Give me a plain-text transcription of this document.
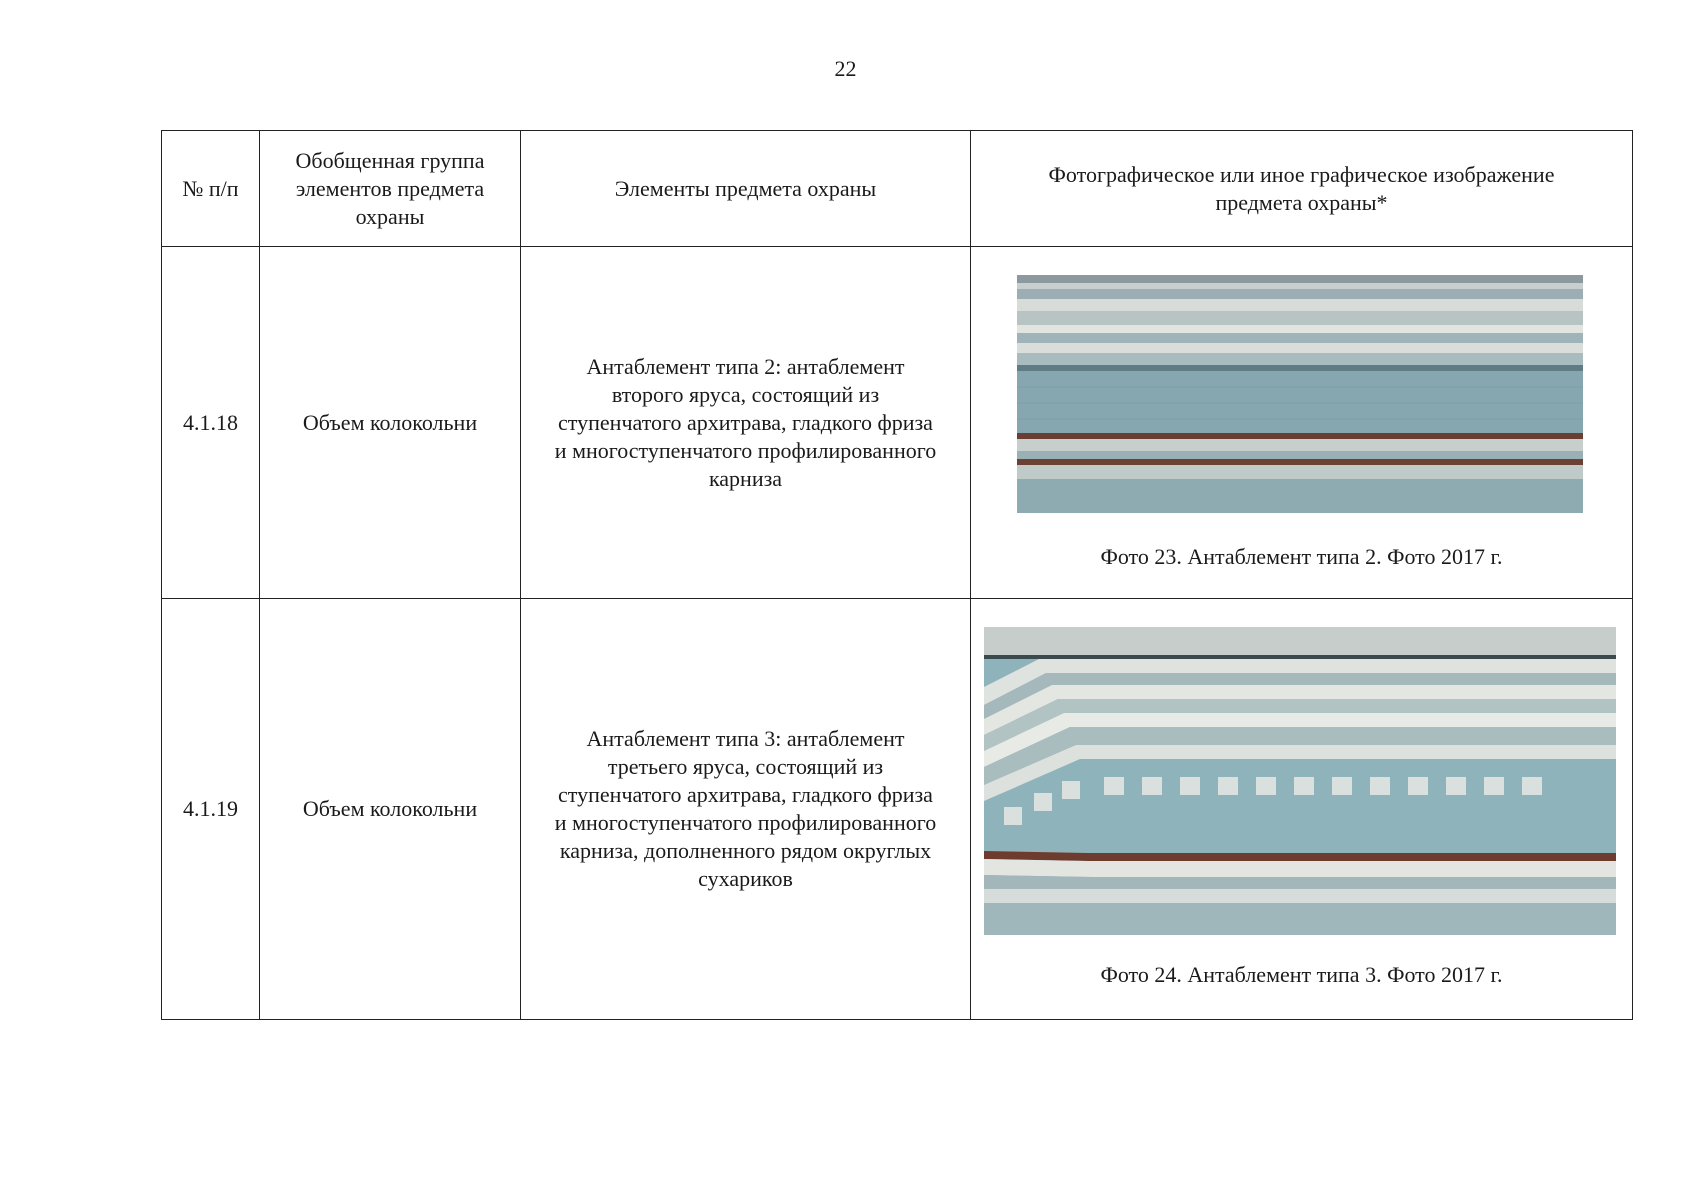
22
№ п/п	Обобщенная группа элементов предмета охраны	Элементы предмета охраны	Фотографическое или иное графическое изображение предмета охраны*
4.1.18	Объем колокольни	Антаблемент типа 2: антаблемент второго яруса, состоящий из ступенчатого архитрава, гладкого фриза и многоступенчатого профилированного карниза	Фото 23. Антаблемент типа 2. Фото 2017 г.

4.1.19	Объем колокольни	Антаблемент типа 3: антаблемент третьего яруса, состоящий из ступенчатого архитрава, гладкого фриза и многоступенчатого профилированного карниза, дополненного рядом округлых сухариков	Фото 24. Антаблемент типа 3. Фото 2017 г.
